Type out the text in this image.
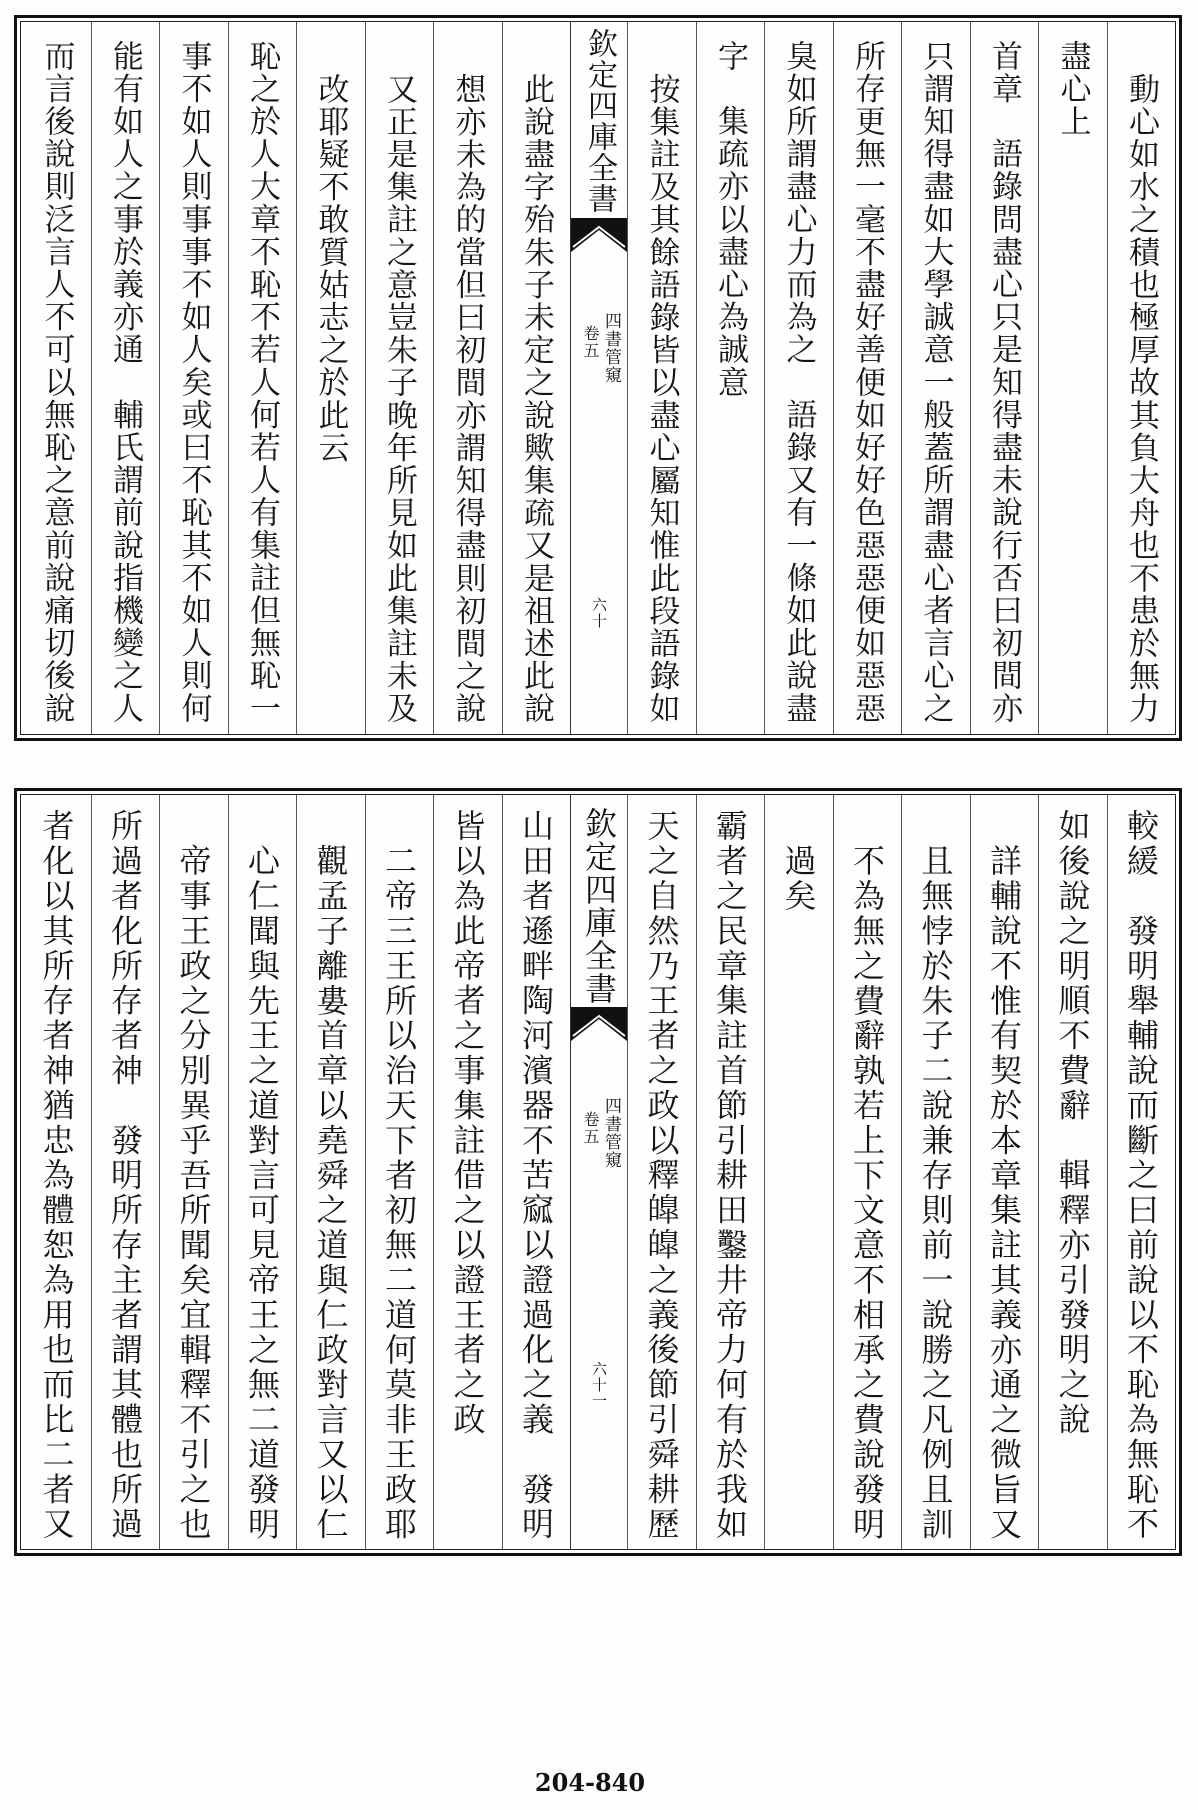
動心如水之積也極厚故其負大舟也不患於無力
盡心上
首章　語錄問盡心只是知得盡未說行否曰初間亦
只謂知得盡如大學誠意一般蓋所謂盡心者言心之
所存更無一毫不盡好善便如好好色惡惡便如惡惡
臭如所謂盡心力而為之　語錄又有一條如此說盡
字　集疏亦以盡心為誠意
按集註及其餘語錄皆以盡心屬知惟此段語錄如
欽定四庫全書
四書管窺
卷五
六十
此說盡字殆朱子未定之說歟集疏又是祖述此說
想亦未為的當但曰初間亦謂知得盡則初間之說
又正是集註之意豈朱子晚年所見如此集註未及
改耶疑不敢質姑志之於此云
恥之於人大章不恥不若人何若人有集註但無恥一
事不如人則事事不如人矣或曰不恥其不如人則何
能有如人之事於義亦通　輔氏謂前說指機變之人
而言後說則泛言人不可以無恥之意前說痛切後說
較緩　發明舉輔說而斷之曰前說以不恥為無恥不
如後說之明順不費辭　輯釋亦引發明之說
詳輔說不惟有契於本章集註其義亦通之微旨又
且無悖於朱子二說兼存則前一說勝之凡例且訓
不為無之費辭孰若上下文意不相承之費說發明
過矣
霸者之民章集註首節引耕田鑿井帝力何有於我如
天之自然乃王者之政以釋皥皥之義後節引舜耕歷
欽定四庫全書
四書管窺
卷五
六十一
山田者遜畔陶河濱器不苦窳以證過化之義　發明
皆以為此帝者之事集註借之以證王者之政
二帝三王所以治天下者初無二道何莫非王政耶
觀孟子離婁首章以堯舜之道與仁政對言又以仁
心仁聞與先王之道對言可見帝王之無二道發明
帝事王政之分別異乎吾所聞矣宜輯釋不引之也
所過者化所存者神　發明所存主者謂其體也所過
者化以其所存者神猶忠為體恕為用也而比二者又
204-840
